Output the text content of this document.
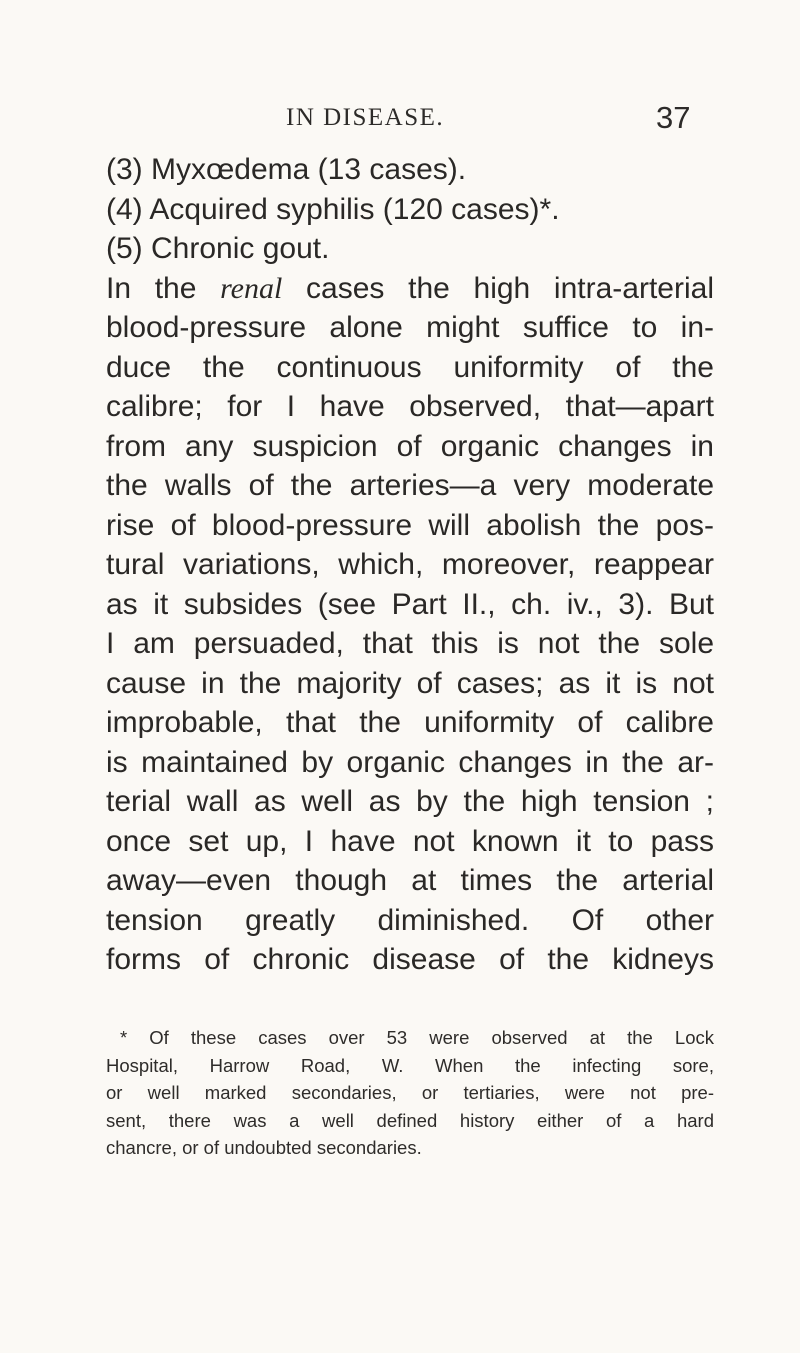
IN DISEASE.	37
(3) Myxœdema (13 cases).
(4) Acquired syphilis (120 cases)*.
(5) Chronic gout.
In the renal cases the high intra-arterial
blood-pressure alone might suffice to in-
duce the continuous uniformity of the
calibre; for I have observed, that—apart
from any suspicion of organic changes in
the walls of the arteries—a very moderate
rise of blood-pressure will abolish the pos-
tural variations, which, moreover, reappear
as it subsides (see Part II., ch. iv., 3). But
I am persuaded, that this is not the sole
cause in the majority of cases; as it is not
improbable, that the uniformity of calibre
is maintained by organic changes in the ar-
terial wall as well as by the high tension ;
once set up, I have not known it to pass
away—even though at times the arterial
tension greatly diminished. Of other
forms of chronic disease of the kidneys
* Of these cases over 53 were observed at the Lock
Hospital, Harrow Road, W. When the infecting sore,
or well marked secondaries, or tertiaries, were not pre-
sent, there was a well defined history either of a hard
chancre, or of undoubted secondaries.
